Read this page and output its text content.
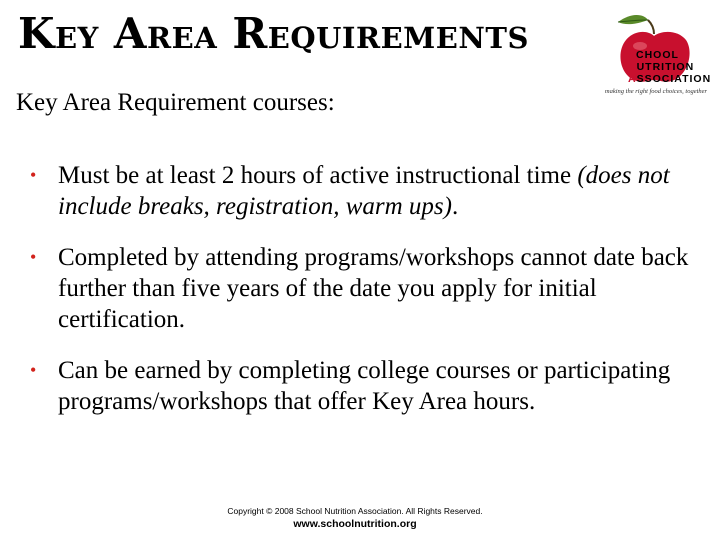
Key Area Requirements	SCHOOL
NUTRITION
ASSOCIATION
making the right food choices, together
Key Area Requirement courses:
• Must be at least 2 hours of active instructional time (does not include breaks, registration, warm ups).
• Completed by attending programs/workshops cannot date back further than five years of the date you apply for initial certification.
• Can be earned by completing college courses or participating programs/workshops that offer Key Area hours.
Copyright © 2008 School Nutrition Association. All Rights Reserved.
www.schoolnutrition.org
